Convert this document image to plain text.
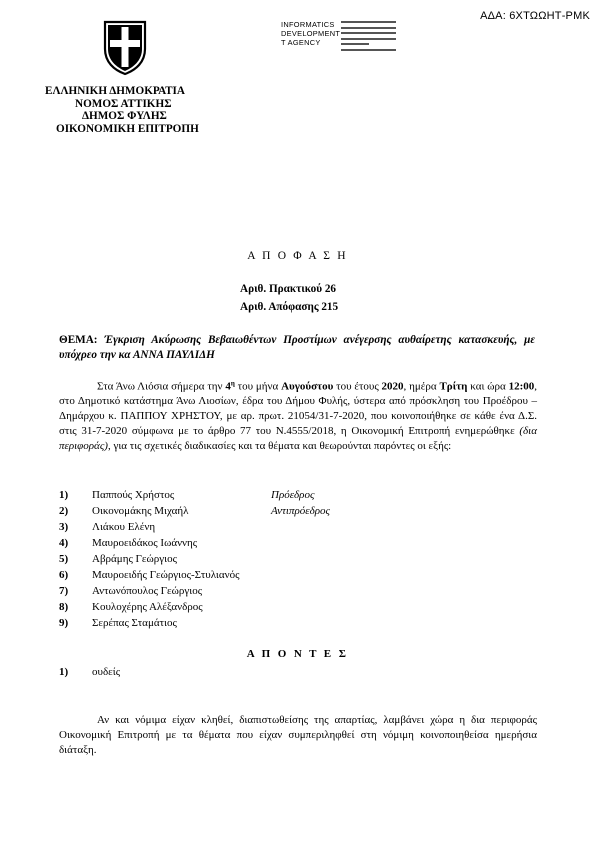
ΑΔΑ: 6ΧΤΩΩΗΤ-ΡΜΚ
INFORMATICS
DEVELOPMENT
T AGENCY
ΕΛΛΗΝΙΚΗ ΔΗΜΟΚΡΑΤΙΑ
ΝΟΜΟΣ ΑΤΤΙΚΗΣ
ΔΗΜΟΣ ΦΥΛΗΣ
ΟΙΚΟΝΟΜΙΚΗ ΕΠΙΤΡΟΠΗ
Α Π Ο Φ Α Σ Η
Αριθ. Πρακτικού 26
Αριθ. Απόφασης 215
ΘΕΜΑ: Έγκριση Ακύρωσης Βεβαιωθέντων Προστίμων ανέγερσης αυθαίρετης κατασκευής, με υπόχρεο την κα ΑΝΝΑ ΠΑΥΛΙΔΗ
Στα Άνω Λιόσια σήμερα την $4^\eta$ του μήνα Αυγούστου του έτους 2020, ημέρα Τρίτη και ώρα 12:00, στο Δημοτικό κατάστημα Άνω Λιοσίων, έδρα του Δήμου Φυλής, ύστερα από πρόσκληση του Προέδρου – Δημάρχου κ. ΠΑΠΠΟΥ ΧΡΗΣΤΟΥ, με αρ. πρωτ. 21054/31-7-2020, που κοινοποιήθηκε σε κάθε ένα Δ.Σ. στις 31-7-2020 σύμφωνα με το άρθρο 77 του Ν.4555/2018, η Οικονομική Επιτροπή ενημερώθηκε (δια περιφοράς), για τις σχετικές διαδικασίες και τα θέματα και θεωρούνται παρόντες οι εξής:
1) Παππούς Χρήστος	Πρόεδρος
2) Οικονομάκης Μιχαήλ	Αντιπρόεδρος
3) Λιάκου Ελένη
4) Μαυροειδάκος Ιωάννης
5) Αβράμης Γεώργιος
6) Μαυροειδής Γεώργιος-Στυλιανός
7) Αντωνόπουλος Γεώργιος
8) Κουλοχέρης Αλέξανδρος
9) Σερέπας Σταμάτιος
Α Π Ο Ν Τ Ε Σ
1) ουδείς
Αν και νόμιμα είχαν κληθεί, διαπιστωθείσης της απαρτίας, λαμβάνει χώρα η δια περιφοράς Οικονομική Επιτροπή με τα θέματα που είχαν συμπεριληφθεί στη νόμιμη κοινοποιηθείσα ημερήσια διάταξη.
